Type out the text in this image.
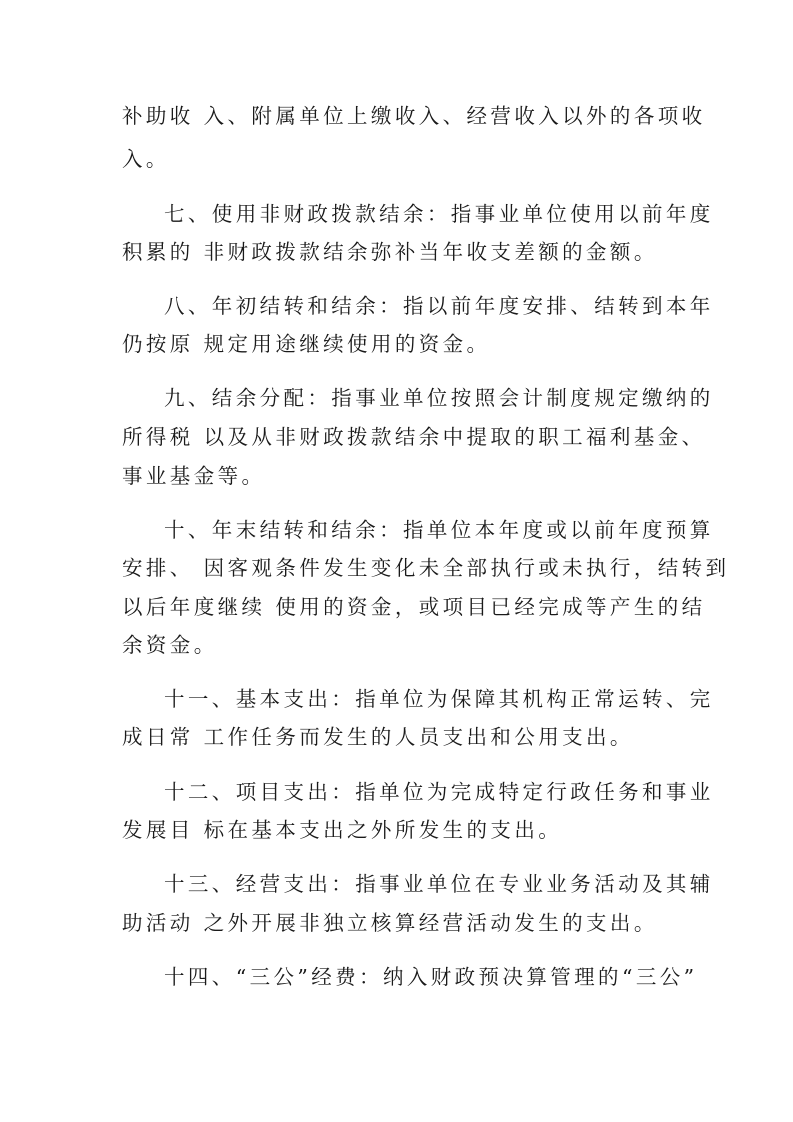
补助收 入、附属单位上缴收入、经营收入以外的各项收
入。
七、使用非财政拨款结余：指事业单位使用以前年度
积累的 非财政拨款结余弥补当年收支差额的金额。
八、年初结转和结余：指以前年度安排、结转到本年
仍按原 规定用途继续使用的资金。
九、结余分配：指事业单位按照会计制度规定缴纳的
所得税 以及从非财政拨款结余中提取的职工福利基金、
事业基金等。
十、年末结转和结余：指单位本年度或以前年度预算
安排、 因客观条件发生变化未全部执行或未执行，结转到
以后年度继续 使用的资金，或项目已经完成等产生的结
余资金。
十一、基本支出：指单位为保障其机构正常运转、完
成日常 工作任务而发生的人员支出和公用支出。
十二、项目支出：指单位为完成特定行政任务和事业
发展目 标在基本支出之外所发生的支出。
十三、经营支出：指事业单位在专业业务活动及其辅
助活动 之外开展非独立核算经营活动发生的支出。
十四、“三公”经费：纳入财政预决算管理的“三公”
